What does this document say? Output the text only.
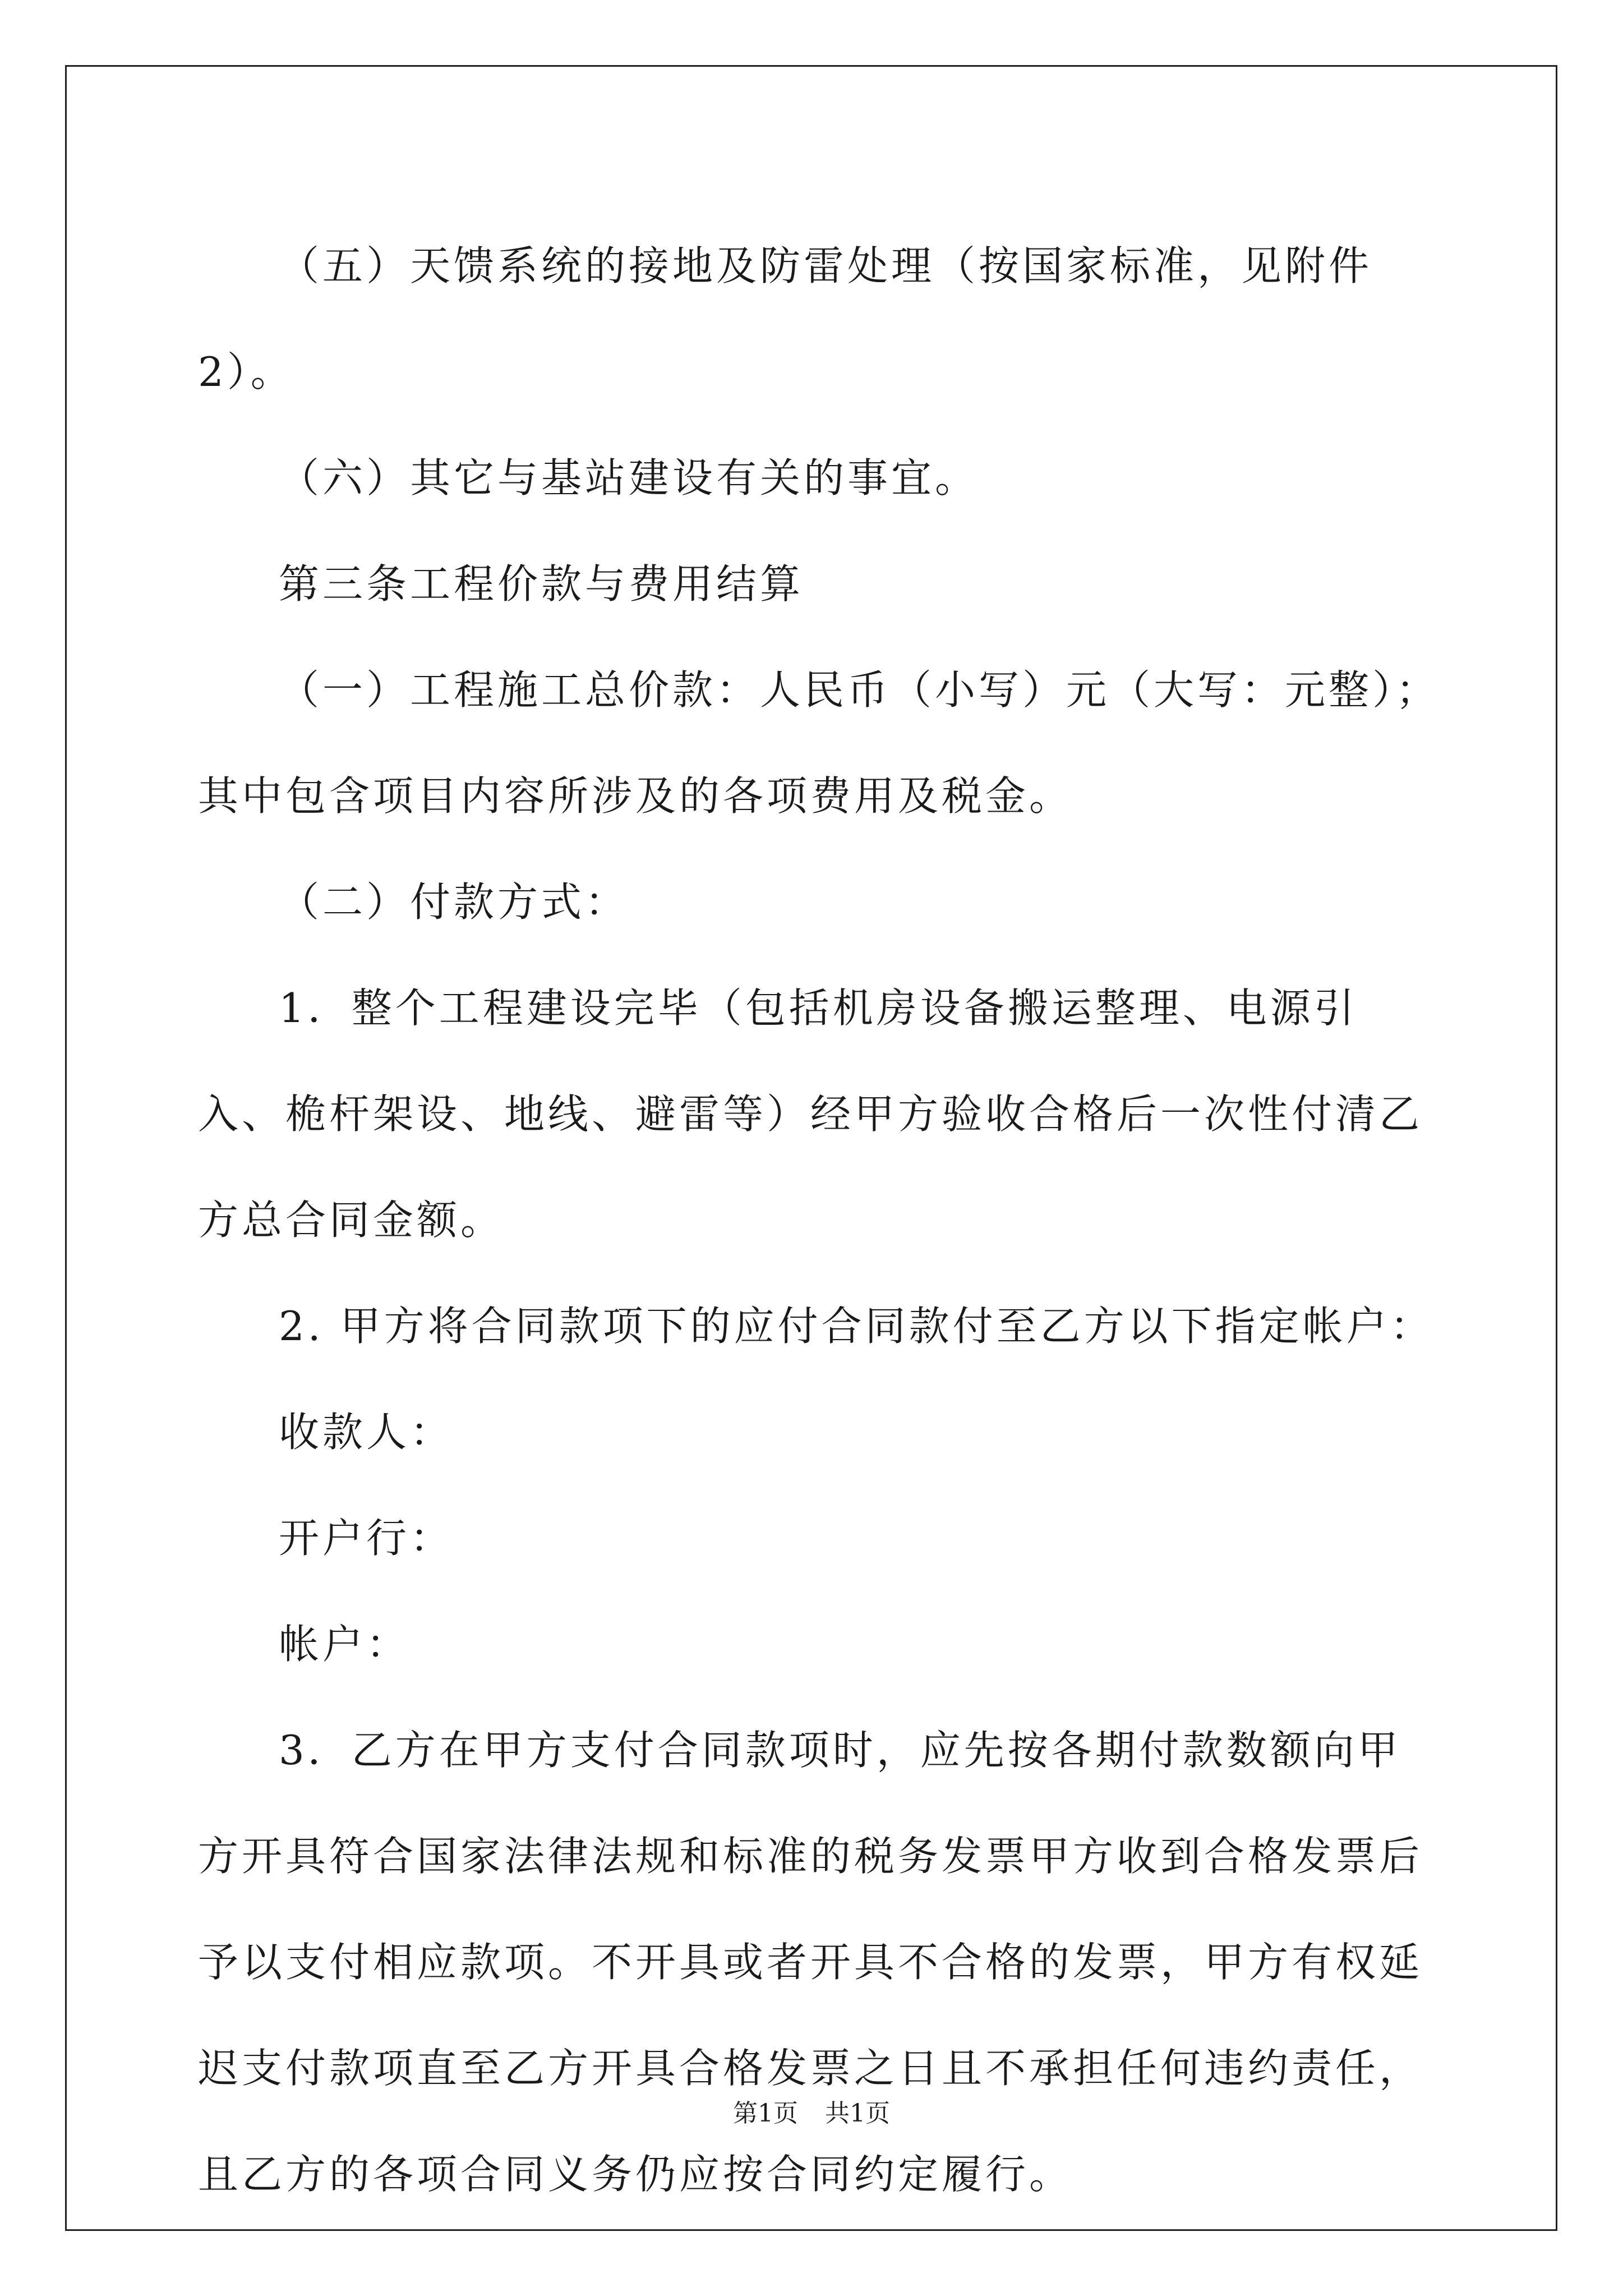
（五）天馈系统的接地及防雷处理（按国家标准，见附件2）。

（六）其它与基站建设有关的事宜。

第三条工程价款与费用结算

（一）工程施工总价款：人民币（小写）元（大写：元整）；其中包含项目内容所涉及的各项费用及税金。

（二）付款方式：

1．整个工程建设完毕（包括机房设备搬运整理、电源引入、桅杆架设、地线、避雷等）经甲方验收合格后一次性付清乙方总合同金额。

2. 甲方将合同款项下的应付合同款付至乙方以下指定帐户：

收款人：

开户行：

帐户：

3．乙方在甲方支付合同款项时，应先按各期付款数额向甲方开具符合国家法律法规和标准的税务发票甲方收到合格发票后予以支付相应款项。不开具或者开具不合格的发票，甲方有权延迟支付款项直至乙方开具合格发票之日且不承担任何违约责任，且乙方的各项合同义务仍应按合同约定履行。

第1页 共1页
